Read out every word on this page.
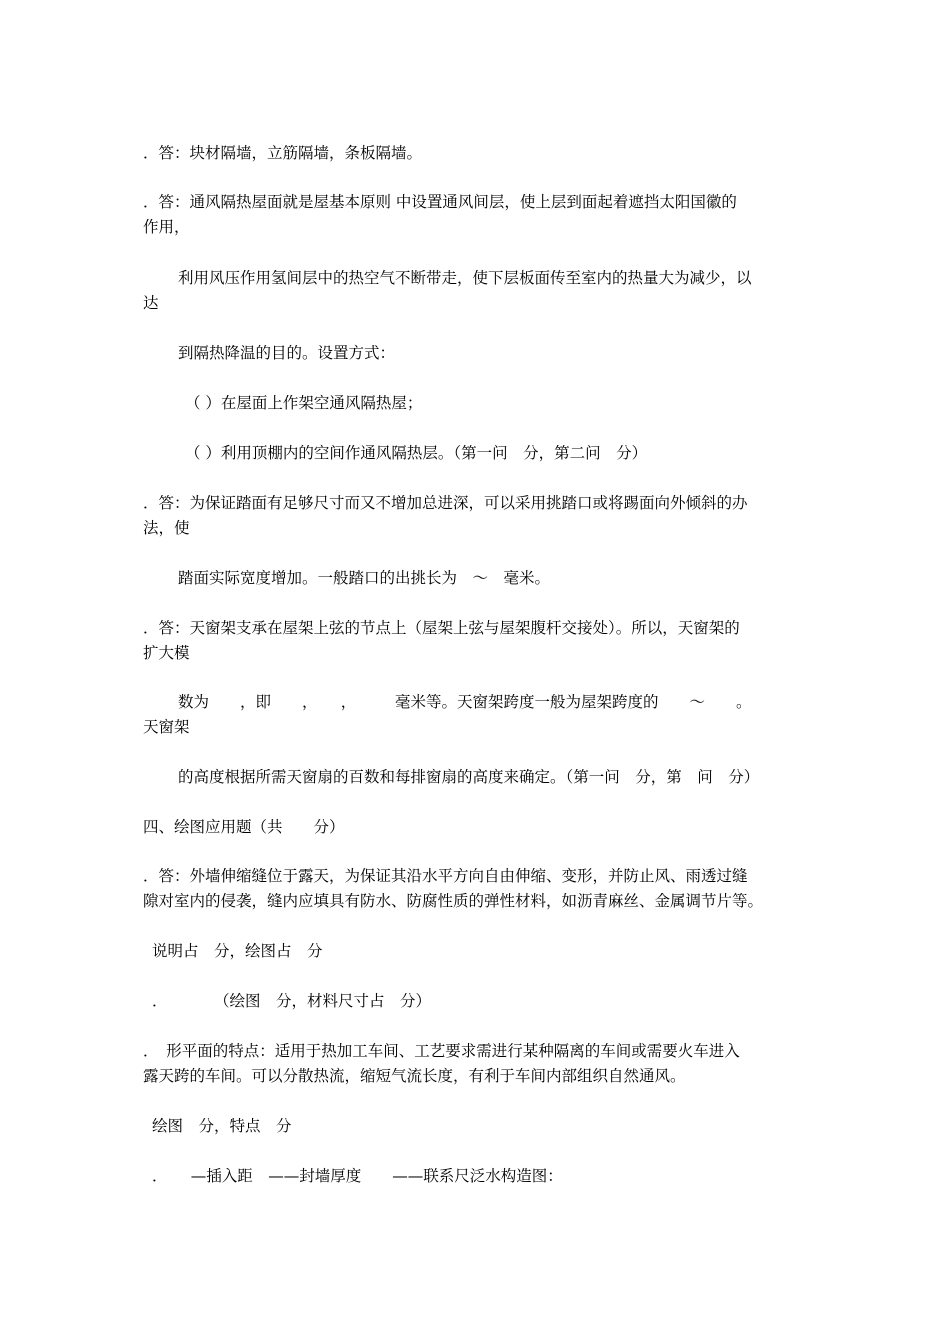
．答：块材隔墙，立筋隔墙，条板隔墙。

．答：通风隔热屋面就是屋基本原则 中设置通风间层，使上层到面起着遮挡太阳国徽的

作用，

利用风压作用氢间层中的热空气不断带走，使下层板面传至室内的热量大为减少，以

达

到隔热降温的目的。设置方式：

（ ）在屋面上作架空通风隔热屋；

（ ）利用顶棚内的空间作通风隔热层。（第一问　分，第二问　分）

．答：为保证踏面有足够尺寸而又不增加总进深，可以采用挑踏口或将踢面向外倾斜的办

法，使

踏面实际宽度增加。一般踏口的出挑长为　～　毫米。

．答：天窗架支承在屋架上弦的节点上（屋架上弦与屋架腹杆交接处）。所以，天窗架的

扩大模

数为　　，即　　，　　，　　　毫米等。天窗架跨度一般为屋架跨度的　　～　　。

天窗架

的高度根据所需天窗扇的百数和每排窗扇的高度来确定。（第一问　分，第　问　分）

四、绘图应用题（共　　分）

．答：外墙伸缩缝位于露天，为保证其沿水平方向自由伸缩、变形，并防止风、雨透过缝

隙对室内的侵袭，缝内应填具有防水、防腐性质的弹性材料，如沥青麻丝、金属调节片等。

说明占　分，绘图占　分

．　　　　（绘图　分，材料尺寸占　分）

．　形平面的特点：适用于热加工车间、工艺要求需进行某种隔离的车间或需要火车进入

露天跨的车间。可以分散热流，缩短气流长度，有利于车间内部组织自然通风。

绘图　分，特点　分

．　　—插入距　——封墙厚度　　——联系尺泛水构造图：
